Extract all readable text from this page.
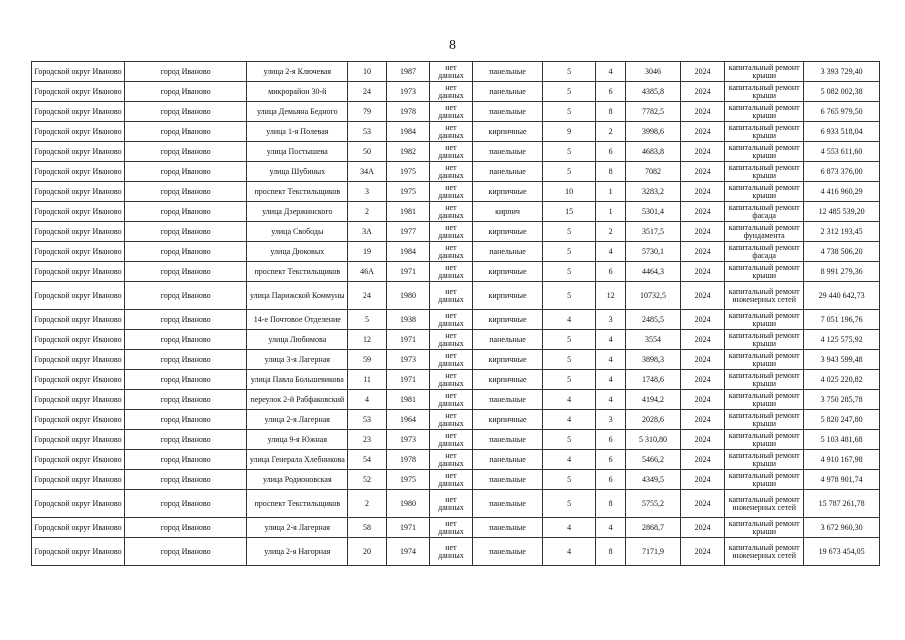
8
Городской округ Иваново	город Иваново	улица 2-я Ключевая	10	1987	нет данных	панельные	5	4	3046	2024	капитальный ремонт крыши	3 393 729,40
Городской округ Иваново	город Иваново	микрорайон 30-й	24	1973	нет данных	панельные	5	6	4385,8	2024	капитальный ремонт крыши	5 082 002,38
Городской округ Иваново	город Иваново	улица Демьяна Бедного	79	1978	нет данных	панельные	5	8	7782,5	2024	капитальный ремонт крыши	6 765 979,50
Городской округ Иваново	город Иваново	улица 1-я Полевая	53	1984	нет данных	кирпичные	9	2	3998,6	2024	капитальный ремонт крыши	6 933 518,04
Городской округ Иваново	город Иваново	улица Постышева	50	1982	нет данных	панельные	5	6	4683,8	2024	капитальный ремонт крыши	4 553 611,60
Городской округ Иваново	город Иваново	улица Шубиных	34А	1975	нет данных	панельные	5	8	7082	2024	капитальный ремонт крыши	6 873 376,00
Городской округ Иваново	город Иваново	проспект Текстильщиков	3	1975	нет данных	кирпичные	10	1	3283,2	2024	капитальный ремонт крыши	4 416 960,29
Городской округ Иваново	город Иваново	улица Дзержинского	2	1981	нет данных	кирпич	15	1	5301,4	2024	капитальный ремонт фасада	12 485 539,20
Городской округ Иваново	город Иваново	улица Свободы	3А	1977	нет данных	кирпичные	5	2	3517,5	2024	капитальный ремонт фундамента	2 312 193,45
Городской округ Иваново	город Иваново	улица Дюковых	19	1984	нет данных	панельные	5	4	5730,1	2024	капитальный ремонт фасада	4 738 506,20
Городской округ Иваново	город Иваново	проспект Текстильщиков	46А	1971	нет данных	кирпичные	5	6	4464,3	2024	капитальный ремонт крыши	8 991 279,36
Городской округ Иваново	город Иваново	улица Парижской Коммуны	24	1980	нет данных	кирпичные	5	12	10732,5	2024	капитальный ремонт инженерных сетей	29 440 642,73
Городской округ Иваново	город Иваново	14-е Почтовое Отделение	5	1938	нет данных	кирпичные	4	3	2485,5	2024	капитальный ремонт крыши	7 051 196,76
Городской округ Иваново	город Иваново	улица Любимова	12	1971	нет данных	панельные	5	4	3554	2024	капитальный ремонт крыши	4 125 575,92
Городской округ Иваново	город Иваново	улица 3-я Лагерная	59	1973	нет данных	кирпичные	5	4	3898,3	2024	капитальный ремонт крыши	3 943 599,48
Городской округ Иваново	город Иваново	улица Павла Большевикова	11	1971	нет данных	кирпичные	5	4	1748,6	2024	капитальный ремонт крыши	4 025 220,82
Городской округ Иваново	город Иваново	переулок 2-й Рабфаковский	4	1981	нет данных	панельные	4	4	4194,2	2024	капитальный ремонт крыши	3 750 285,78
Городской округ Иваново	город Иваново	улица 2-я Лагерная	53	1964	нет данных	кирпичные	4	3	2028,6	2024	капитальный ремонт крыши	5 820 247,80
Городской округ Иваново	город Иваново	улица 9-я Южная	23	1973	нет данных	панельные	5	6	5 310,80	2024	капитальный ремонт крыши	5 103 481,68
Городской округ Иваново	город Иваново	улица Генерала Хлебникова	54	1978	нет данных	панельные	4	6	5466,2	2024	капитальный ремонт крыши	4 910 167,98
Городской округ Иваново	город Иваново	улица Родионовская	52	1975	нет данных	панельные	5	6	4349,5	2024	капитальный ремонт крыши	4 978 901,74
Городской округ Иваново	город Иваново	проспект Текстильщиков	2	1980	нет данных	панельные	5	8	5755,2	2024	капитальный ремонт инженерных сетей	15 787 261,78
Городской округ Иваново	город Иваново	улица 2-я Лагерная	58	1971	нет данных	панельные	4	4	2868,7	2024	капитальный ремонт крыши	3 672 960,30
Городской округ Иваново	город Иваново	улица 2-я Нагорная	20	1974	нет данных	панельные	4	8	7171,9	2024	капитальный ремонт инженерных сетей	19 673 454,05
